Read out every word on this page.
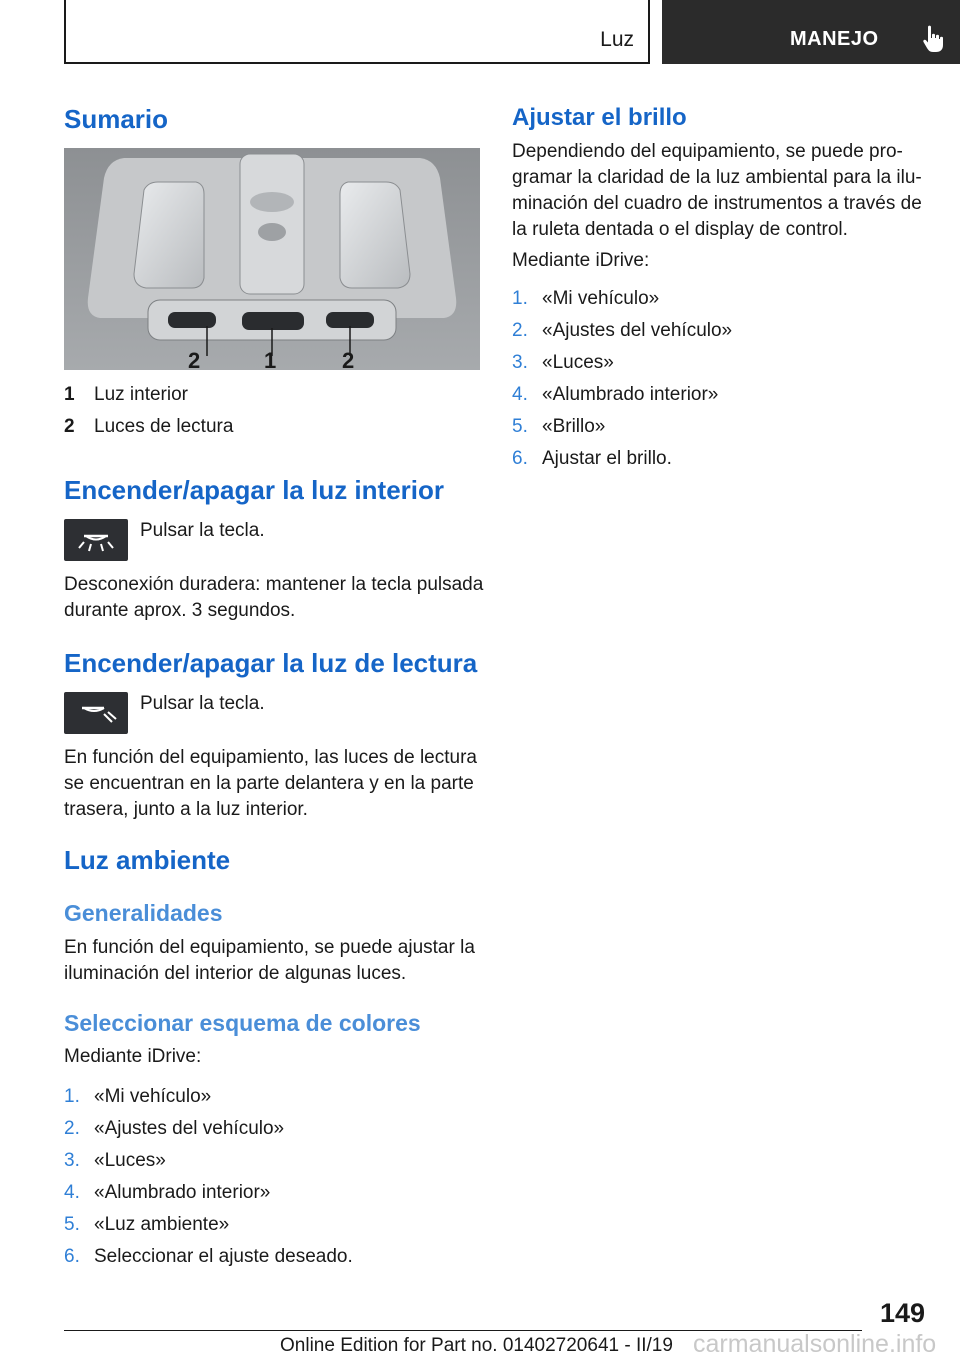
Luz	MANEJO
Sumario
2	1	2
1 Luz interior
2 Luces de lectura
Encender/apagar la luz interior
Pulsar la tecla.
Desconexión duradera: mantener la tecla pulsada
durante aprox. 3 segundos.
Encender/apagar la luz de lectura
Pulsar la tecla.
En función del equipamiento, las luces de lectura
se encuentran en la parte delantera y en la parte
trasera, junto a la luz interior.
Luz ambiente
Generalidades
En función del equipamiento, se puede ajustar la
iluminación del interior de algunas luces.
Seleccionar esquema de colores
Mediante iDrive:
1. «Mi vehículo»
2. «Ajustes del vehículo»
3. «Luces»
4. «Alumbrado interior»
5. «Luz ambiente»
6. Seleccionar el ajuste deseado.
Ajustar el brillo
Dependiendo del equipamiento, se puede pro‐
gramar la claridad de la luz ambiental para la ilu‐
minación del cuadro de instrumentos a través de
la ruleta dentada o el display de control.
Mediante iDrive:
1. «Mi vehículo»
2. «Ajustes del vehículo»
3. «Luces»
4. «Alumbrado interior»
5. «Brillo»
6. Ajustar el brillo.
149
Online Edition for Part no. 01402720641 - II/19 carmanualsonline.info
